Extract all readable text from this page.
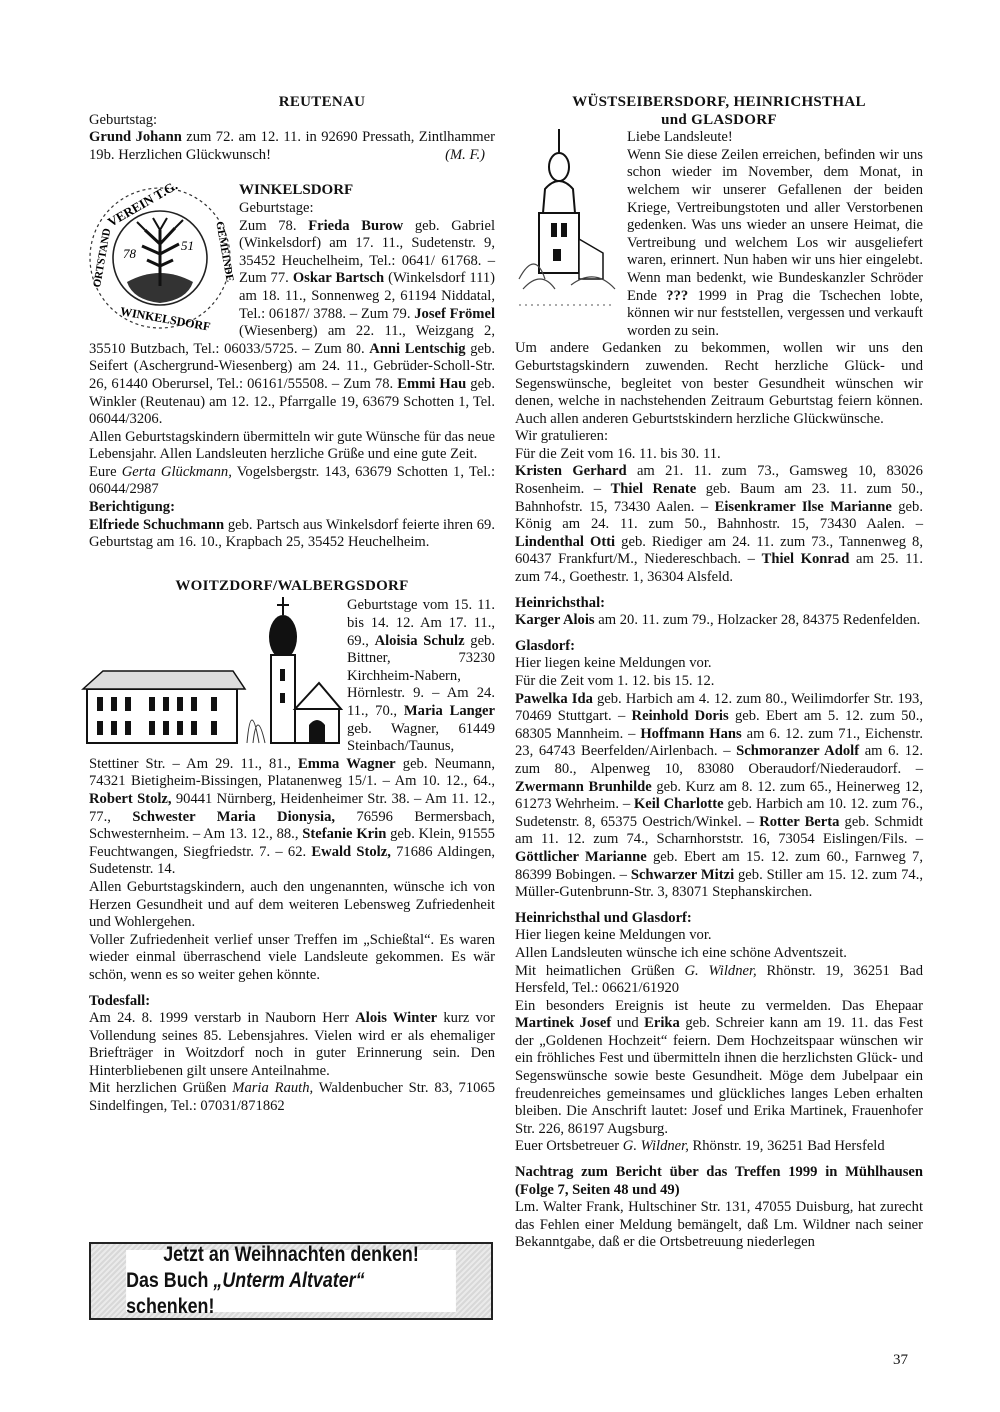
REUTENAU

Geburtstag:

Grund Johann zum 72. am 12. 11. in 92690 Pressath, Zintlhammer 19b. Herzlichen Glückwunsch!	(M. F.)

VEREIN T.G.
78
51
ORTSTAND	GEMEINDE
WINKELSDORF

WINKELSDORF

Geburtstage:

Zum 78. Frieda Burow geb. Gabriel (Winkelsdorf) am 17. 11., Sudetenstr. 9, 35452 Heuchelheim, Tel.: 0641/ 61768. – Zum 77. Oskar Bartsch (Winkelsdorf 111) am 18. 11., Sonnenweg 2, 61194 Niddatal, Tel.: 06187/ 3788. – Zum 79. Josef Frömel (Wiesenberg) am 22. 11., Weizgang 2, 35510 Butzbach, Tel.: 06033/5725. – Zum 80. Anni Lentschig geb. Seifert (Aschergrund-Wiesenberg) am 24. 11., Gebrüder-Scholl-Str. 26, 61440 Oberursel, Tel.: 06161/55508. – Zum 78. Emmi Hau geb. Winkler (Reutenau) am 12. 12., Pfarrgalle 19, 63679 Schotten 1, Tel. 06044/3206.

Allen Geburtstagskindern übermitteln wir gute Wünsche für das neue Lebensjahr. Allen Landsleuten herzliche Grüße und eine gute Zeit.

Eure Gerta Glückmann, Vogelsbergstr. 143, 63679 Schotten 1, Tel.: 06044/2987

Berichtigung:

Elfriede Schuchmann geb. Partsch aus Winkelsdorf feierte ihren 69. Geburtstag am 16. 10., Krapbach 25, 35452 Heuchelheim.

WOITZDORF/WALBERGSDORF

Geburtstage vom 15. 11. bis 14. 12. Am 17. 11., 69., Aloisia Schulz geb. Bittner, 73230 Kirchheim-Nabern, Hörnlestr. 9. – Am 24. 11., 70., Maria Langer geb. Wagner, 61449 Steinbach/Taunus, Stettiner Str. – Am 29. 11., 81., Emma Wagner geb. Neumann, 74321 Bietigheim-Bissingen, Platanenweg 15/1. – Am 10. 12., 64., Robert Stolz, 90441 Nürnberg, Heidenheimer Str. 38. – Am 11. 12., 77., Schwester Maria Dionysia, 76596 Bermersbach, Schwesternheim. – Am 13. 12., 88., Stefanie Krin geb. Klein, 91555 Feuchtwangen, Siegfriedstr. 7. – 62. Ewald Stolz, 71686 Aldingen, Sudetenstr. 14.

Allen Geburtstagskindern, auch den ungenannten, wünsche ich von Herzen Gesundheit und auf dem weiteren Lebensweg Zufriedenheit und Wohlergehen.

Voller Zufriedenheit verlief unser Treffen im „Schießtal“. Es waren wieder einmal überraschend viele Landsleute gekommen. Es wär schön, wenn es so weiter gehen könnte.

Todesfall:

Am 24. 8. 1999 verstarb in Nauborn Herr Alois Winter kurz vor Vollendung seines 85. Lebensjahres. Vielen wird er als ehemaliger Briefträger in Woitzdorf noch in guter Erinnerung sein. Den Hinterbliebenen gilt unsere Anteilnahme.

Mit herzlichen Grüßen Maria Rauth, Waldenbucher Str. 83, 71065 Sindelfingen, Tel.: 07031/871862

Jetzt an Weihnachten denken!
Das Buch „Unterm Altvater“ schenken!

WÜSTSEIBERSDORF, HEINRICHSTHAL

und GLASDORF

Liebe Landsleute!

Wenn Sie diese Zeilen erreichen, befinden wir uns schon wieder im November, dem Monat, in welchem wir unserer Gefallenen der beiden Kriege, Vertreibungstoten und aller Verstorbenen gedenken. Was uns wieder an unsere Heimat, die Vertreibung und welchem Los wir ausgeliefert waren, erinnert. Nun haben wir uns hier eingelebt. Wenn man bedenkt, wie Bundeskanzler Schröder Ende ??? 1999 in Prag die Tschechen lobte, können wir nur feststellen, vergessen und verkauft worden zu sein.

Um andere Gedanken zu bekommen, wollen wir uns den Geburtstagskindern zuwenden. Recht herzliche Glück- und Segenswünsche, begleitet von bester Gesundheit wünschen wir denen, welche in nachstehenden Zeitraum Geburtstag feiern können. Auch allen anderen Geburtstskindern herzliche Glückwünsche.

Wir gratulieren:

Für die Zeit vom 16. 11. bis 30. 11.

Kristen Gerhard am 21. 11. zum 73., Gamsweg 10, 83026 Rosenheim. – Thiel Renate geb. Baum am 23. 11. zum 50., Bahnhofstr. 15, 73430 Aalen. – Eisenkramer Ilse Marianne geb. König am 24. 11. zum 50., Bahnhostr. 15, 73430 Aalen. – Lindenthal Otti geb. Riediger am 24. 11. zum 73., Tannenweg 8, 60437 Frankfurt/M., Niedereschbach. – Thiel Konrad am 25. 11. zum 74., Goethestr. 1, 36304 Alsfeld.

Heinrichsthal:

Karger Alois am 20. 11. zum 79., Holzacker 28, 84375 Redenfelden.

Glasdorf:

Hier liegen keine Meldungen vor.

Für die Zeit vom 1. 12. bis 15. 12.

Pawelka Ida geb. Harbich am 4. 12. zum 80., Weilimdorfer Str. 193, 70469 Stuttgart. – Reinhold Doris geb. Ebert am 5. 12. zum 50., 68305 Mannheim. – Hoffmann Hans am 6. 12. zum 71., Eichenstr. 23, 64743 Beerfelden/Airlenbach. – Schmoranzer Adolf am 6. 12. zum 80., Alpenweg 10, 83080 Oberaudorf/Niederaudorf. – Zwermann Brunhilde geb. Kurz am 8. 12. zum 65., Heinerweg 12, 61273 Wehrheim. – Keil Charlotte geb. Harbich am 10. 12. zum 76., Sudetenstr. 8, 65375 Oestrich/Winkel. – Rotter Berta geb. Schmidt am 11. 12. zum 74., Scharnhorststr. 16, 73054 Eislingen/Fils. – Göttlicher Marianne geb. Ebert am 15. 12. zum 60., Farnweg 7, 86399 Bobingen. – Schwarzer Mitzi geb. Stiller am 15. 12. zum 74., Müller-Gutenbrunn-Str. 3, 83071 Stephanskirchen.

Heinrichsthal und Glasdorf:

Hier liegen keine Meldungen vor.

Allen Landsleuten wünsche ich eine schöne Adventszeit.

Mit heimatlichen Grüßen G. Wildner, Rhönstr. 19, 36251 Bad Hersfeld, Tel.: 06621/61920

Ein besonders Ereignis ist heute zu vermelden. Das Ehepaar Martinek Josef und Erika geb. Schreier kann am 19. 11. das Fest der „Goldenen Hochzeit“ feiern. Dem Hochzeitspaar wünschen wir ein fröhliches Fest und übermitteln ihnen die herzlichsten Glück- und Segenswünsche sowie beste Gesundheit. Möge dem Jubelpaar ein freudenreiches gemeinsames und glückliches langes Leben erhalten bleiben. Die Anschrift lautet: Josef und Erika Martinek, Frauenhofer Str. 226, 86197 Augsburg.

Euer Ortsbetreuer G. Wildner, Rhönstr. 19, 36251 Bad Hersfeld

Nachtrag zum Bericht über das Treffen 1999 in Mühlhausen (Folge 7, Seiten 48 und 49)

Lm. Walter Frank, Hultschiner Str. 131, 47055 Duisburg, hat zurecht das Fehlen einer Meldung bemängelt, daß Lm. Wildner nach seiner Bekanntgabe, daß er die Ortsbetreuung niederlegen

37
